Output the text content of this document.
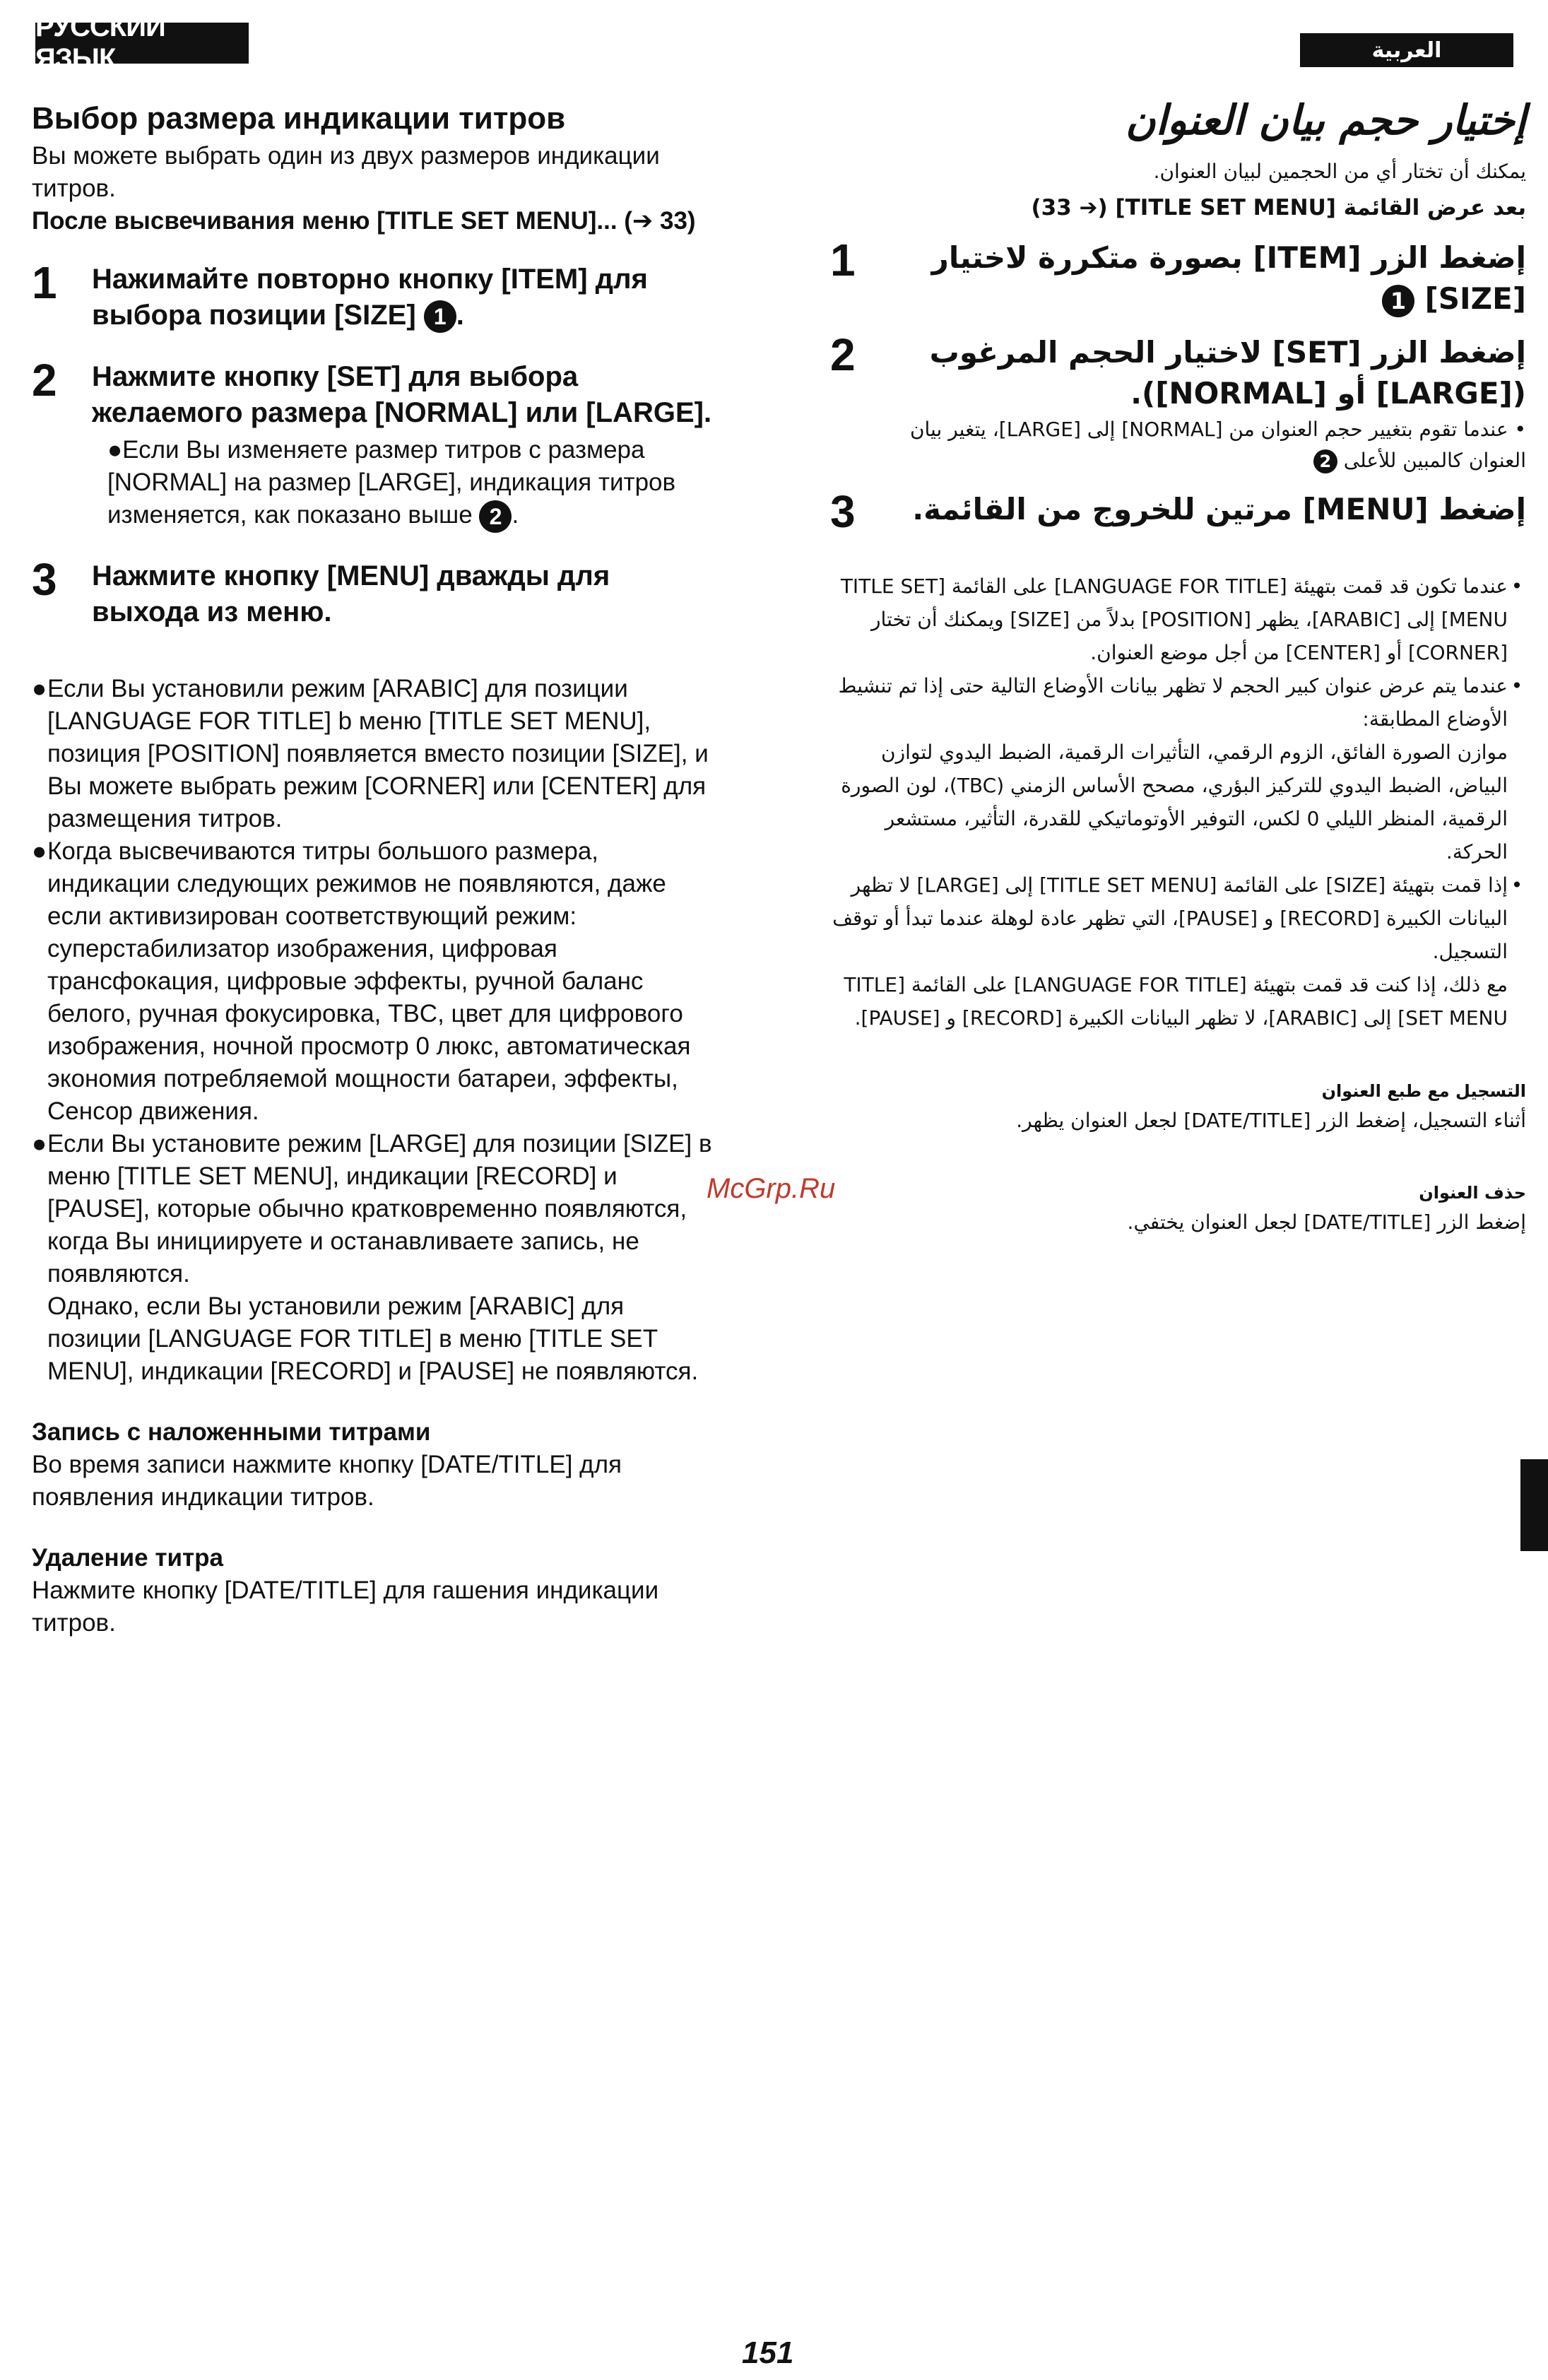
РУССКИЙ ЯЗЫК	العربية
Выбор размера индикации титров

Вы можете выбрать один из двух размеров индикации титров.

После высвечивания меню [TITLE SET MENU]... (➔ 33)

1	Нажимайте повторно кнопку [ITEM] для выбора позиции [SIZE] 1 .
2	Нажмите кнопку [SET] для выбора желаемого размера [NORMAL] или [LARGE].
●Если Вы изменяете размер титров с размера [NORMAL] на размер [LARGE], индикация титров изменяется, как показано выше 2 .
3	Нажмите кнопку [MENU] дважды для выхода из меню.
● Если Вы установили режим [ARABIC] для позиции [LANGUAGE FOR TITLE] b меню [TITLE SET MENU], позиция [POSITION] появляется вместо позиции [SIZE], и Вы можете выбрать режим [CORNER] или [CENTER] для размещения титров.
● Когда высвечиваются титры большого размера, индикации следующих режимов не появляются, даже если активизирован соответствующий режим:
суперстабилизатор изображения, цифровая трансфокация, цифровые эффекты, ручной баланс белого, ручная фокусировка, TBC, цвет для цифрового изображения, ночной просмотр 0 люкс, автоматическая экономия потребляемой мощности батареи, эффекты, Сенсор движения.
● Если Вы установите режим [LARGE] для позиции [SIZE] в меню [TITLE SET MENU], индикации [RECORD] и [PAUSE], которые обычно кратковременно появляются, когда Вы инициируете и останавливаете запись, не появляются.
Однако, если Вы установили режим [ARABIC] для позиции [LANGUAGE FOR TITLE] в меню [TITLE SET MENU], индикации [RECORD] и [PAUSE] не появляются.

Запись с наложенными титрами

Во время записи нажмите кнопку [DATE/TITLE] для появления индикации титров.

Удаление титра

Нажмите кнопку [DATE/TITLE] для гашения индикации титров.

إختيار حجم بيان العنوان

يمكنك أن تختار أي من الحجمين لبيان العنوان.

بعد عرض القائمة [TITLE SET MENU] (➔ 33)

إضغط الزر [ITEM] بصورة متكررة لاختيار [SIZE] 1
1
إضغط الزر [SET] لاختيار الحجم المرغوب ([LARGE] أو [NORMAL]).
• عندما تقوم بتغيير حجم العنوان من [NORMAL] إلى [LARGE]، يتغير بيان العنوان كالمبين للأعلى 2
2
إضغط [MENU] مرتين للخروج من القائمة.
3
•
عندما تكون قد قمت بتهيئة [LANGUAGE FOR TITLE] على القائمة [TITLE SET MENU] إلى [ARABIC]، يظهر [POSITION] بدلاً من [SIZE] ويمكنك أن تختار [CORNER] أو [CENTER] من أجل موضع العنوان.
•
عندما يتم عرض عنوان كبير الحجم لا تظهر بيانات الأوضاع التالية حتى إذا تم تنشيط الأوضاع المطابقة:
موازن الصورة الفائق، الزوم الرقمي، التأثيرات الرقمية، الضبط اليدوي لتوازن البياض، الضبط اليدوي للتركيز البؤري، مصحح الأساس الزمني (TBC)، لون الصورة الرقمية، المنظر الليلي 0 لكس، التوفير الأوتوماتيكي للقدرة، التأثير، مستشعر الحركة.
•
إذا قمت بتهيئة [SIZE] على القائمة [TITLE SET MENU] إلى [LARGE] لا تظهر البيانات الكبيرة [RECORD] و [PAUSE]، التي تظهر عادة لوهلة عندما تبدأ أو توقف التسجيل.
مع ذلك، إذا كنت قد قمت بتهيئة [LANGUAGE FOR TITLE] على القائمة [TITLE SET MENU] إلى [ARABIC]، لا تظهر البيانات الكبيرة [RECORD] و [PAUSE].

التسجيل مع طبع العنوان

أثناء التسجيل، إضغط الزر [DATE/TITLE] لجعل العنوان يظهر.

حذف العنوان

إضغط الزر [DATE/TITLE] لجعل العنوان يختفي.

McGrp.Ru
151
